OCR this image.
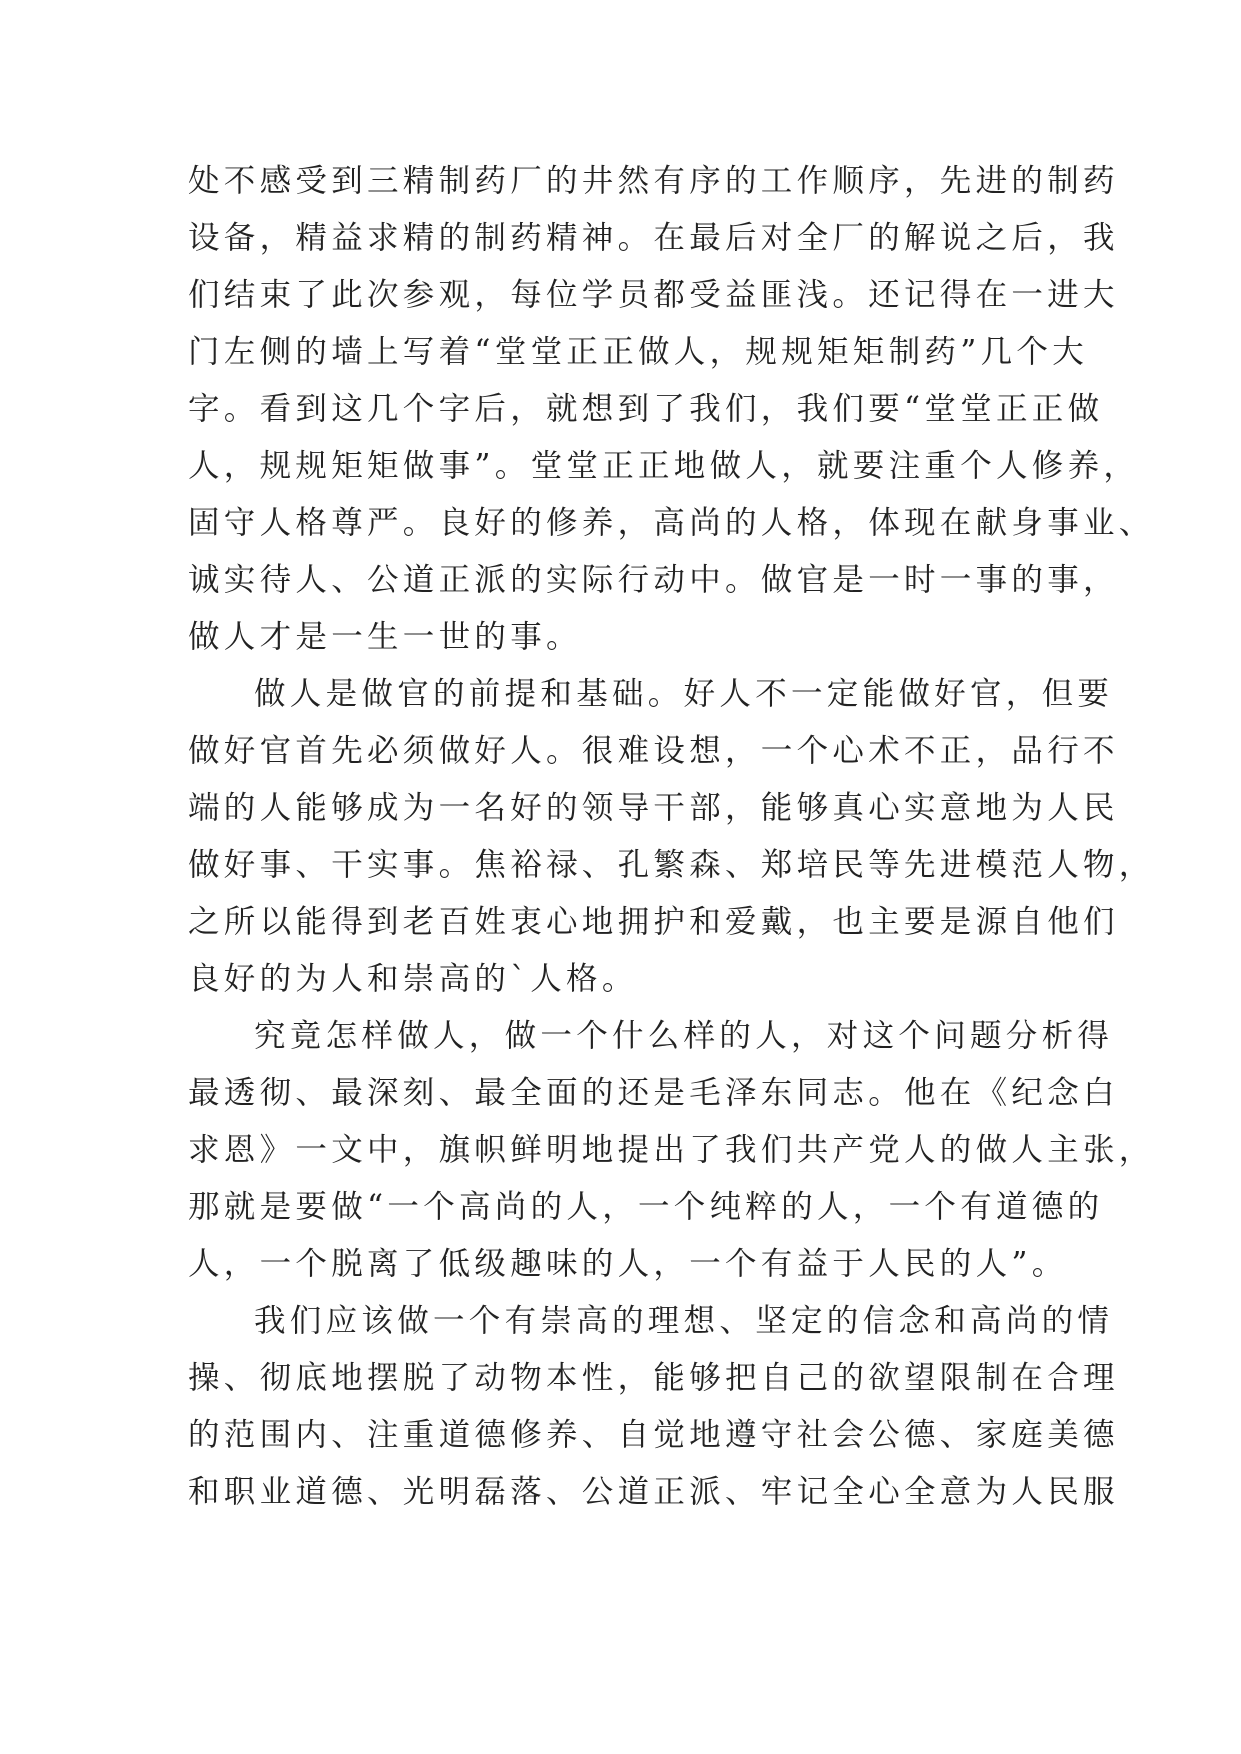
处不感受到三精制药厂的井然有序的工作顺序，先进的制药
设备，精益求精的制药精神。在最后对全厂的解说之后，我
们结束了此次参观，每位学员都受益匪浅。还记得在一进大
门左侧的墙上写着“堂堂正正做人，规规矩矩制药”几个大
字。看到这几个字后，就想到了我们，我们要“堂堂正正做
人，规规矩矩做事”。堂堂正正地做人，就要注重个人修养，
固守人格尊严。良好的修养，高尚的人格，体现在献身事业、
诚实待人、公道正派的实际行动中。做官是一时一事的事，
做人才是一生一世的事。
做人是做官的前提和基础。好人不一定能做好官，但要
做好官首先必须做好人。很难设想，一个心术不正，品行不
端的人能够成为一名好的领导干部，能够真心实意地为人民
做好事、干实事。焦裕禄、孔繁森、郑培民等先进模范人物，
之所以能得到老百姓衷心地拥护和爱戴，也主要是源自他们
良好的为人和崇高的`人格。
究竟怎样做人，做一个什么样的人，对这个问题分析得
最透彻、最深刻、最全面的还是毛泽东同志。他在《纪念白
求恩》一文中，旗帜鲜明地提出了我们共产党人的做人主张，
那就是要做“一个高尚的人，一个纯粹的人，一个有道德的
人，一个脱离了低级趣味的人，一个有益于人民的人”。
我们应该做一个有崇高的理想、坚定的信念和高尚的情
操、彻底地摆脱了动物本性，能够把自己的欲望限制在合理
的范围内、注重道德修养、自觉地遵守社会公德、家庭美德
和职业道德、光明磊落、公道正派、牢记全心全意为人民服
